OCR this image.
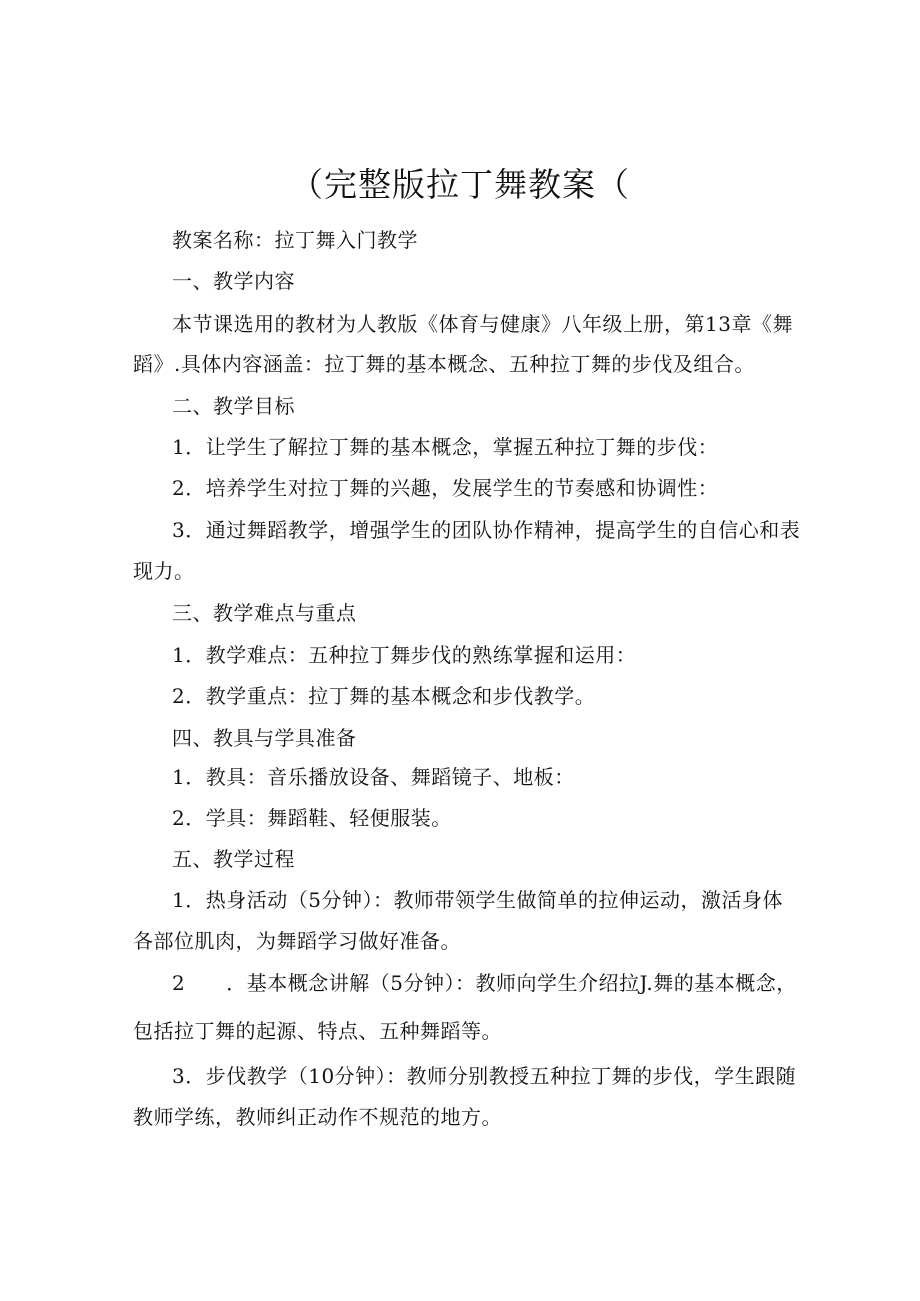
（完整版拉丁舞教案（
教案名称：拉丁舞入门教学
一、教学内容
本节课选用的教材为人教版《体育与健康》八年级上册，第13章《舞
蹈》.具体内容涵盖：拉丁舞的基本概念、五种拉丁舞的步伐及组合。
二、教学目标
1．让学生了解拉丁舞的基本概念，掌握五种拉丁舞的步伐：
2．培养学生对拉丁舞的兴趣，发展学生的节奏感和协调性：
3．通过舞蹈教学，增强学生的团队协作精神，提高学生的自信心和表
现力。
三、教学难点与重点
1．教学难点：五种拉丁舞步伐的熟练掌握和运用：
2．教学重点：拉丁舞的基本概念和步伐教学。
四、教具与学具准备
1．教具：音乐播放设备、舞蹈镜子、地板：
2．学具：舞蹈鞋、轻便服装。
五、教学过程
1．热身活动（5分钟）：教师带领学生做简单的拉伸运动，激活身体
各部位肌肉，为舞蹈学习做好准备。
2　　．基本概念讲解（5分钟）：教师向学生介绍拉J.舞的基本概念，
包括拉丁舞的起源、特点、五种舞蹈等。
3．步伐教学（10分钟）：教师分别教授五种拉丁舞的步伐，学生跟随
教师学练，教师纠正动作不规范的地方。
